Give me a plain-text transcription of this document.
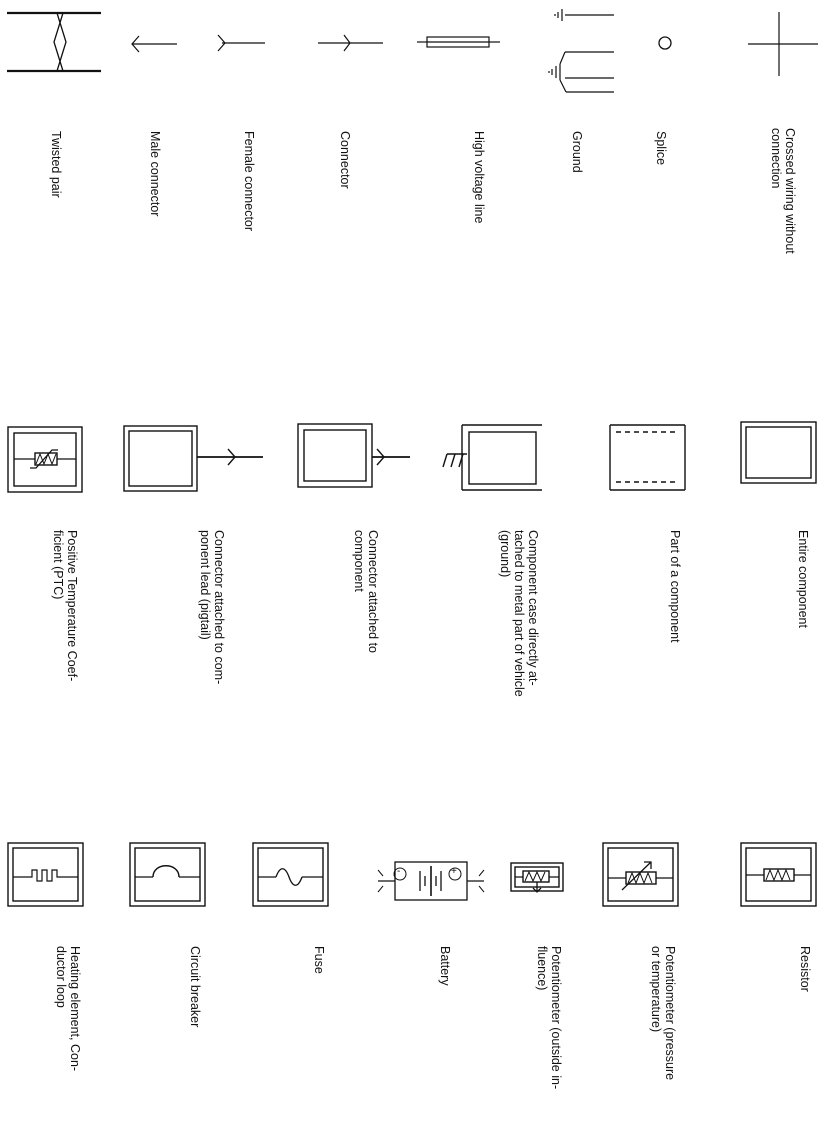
-	+
Crossed wiring without
connection
Splice
Ground
High voltage line
Connector
Female connector
Male connector
Twisted pair
Entire component
Part of a component
Component case directly at-
tached to metal part of vehicle
(ground)
Connector attached to
component
Connector attached to com-
ponent lead (pigtail)
Positive Temperature Coef-
ficient (PTC)
Resistor
Potentiometer (pressure
or temperature)
Potentiometer (outside in-
fluence)
Battery
Fuse
Circuit breaker
Heating element, Con-
ductor loop
